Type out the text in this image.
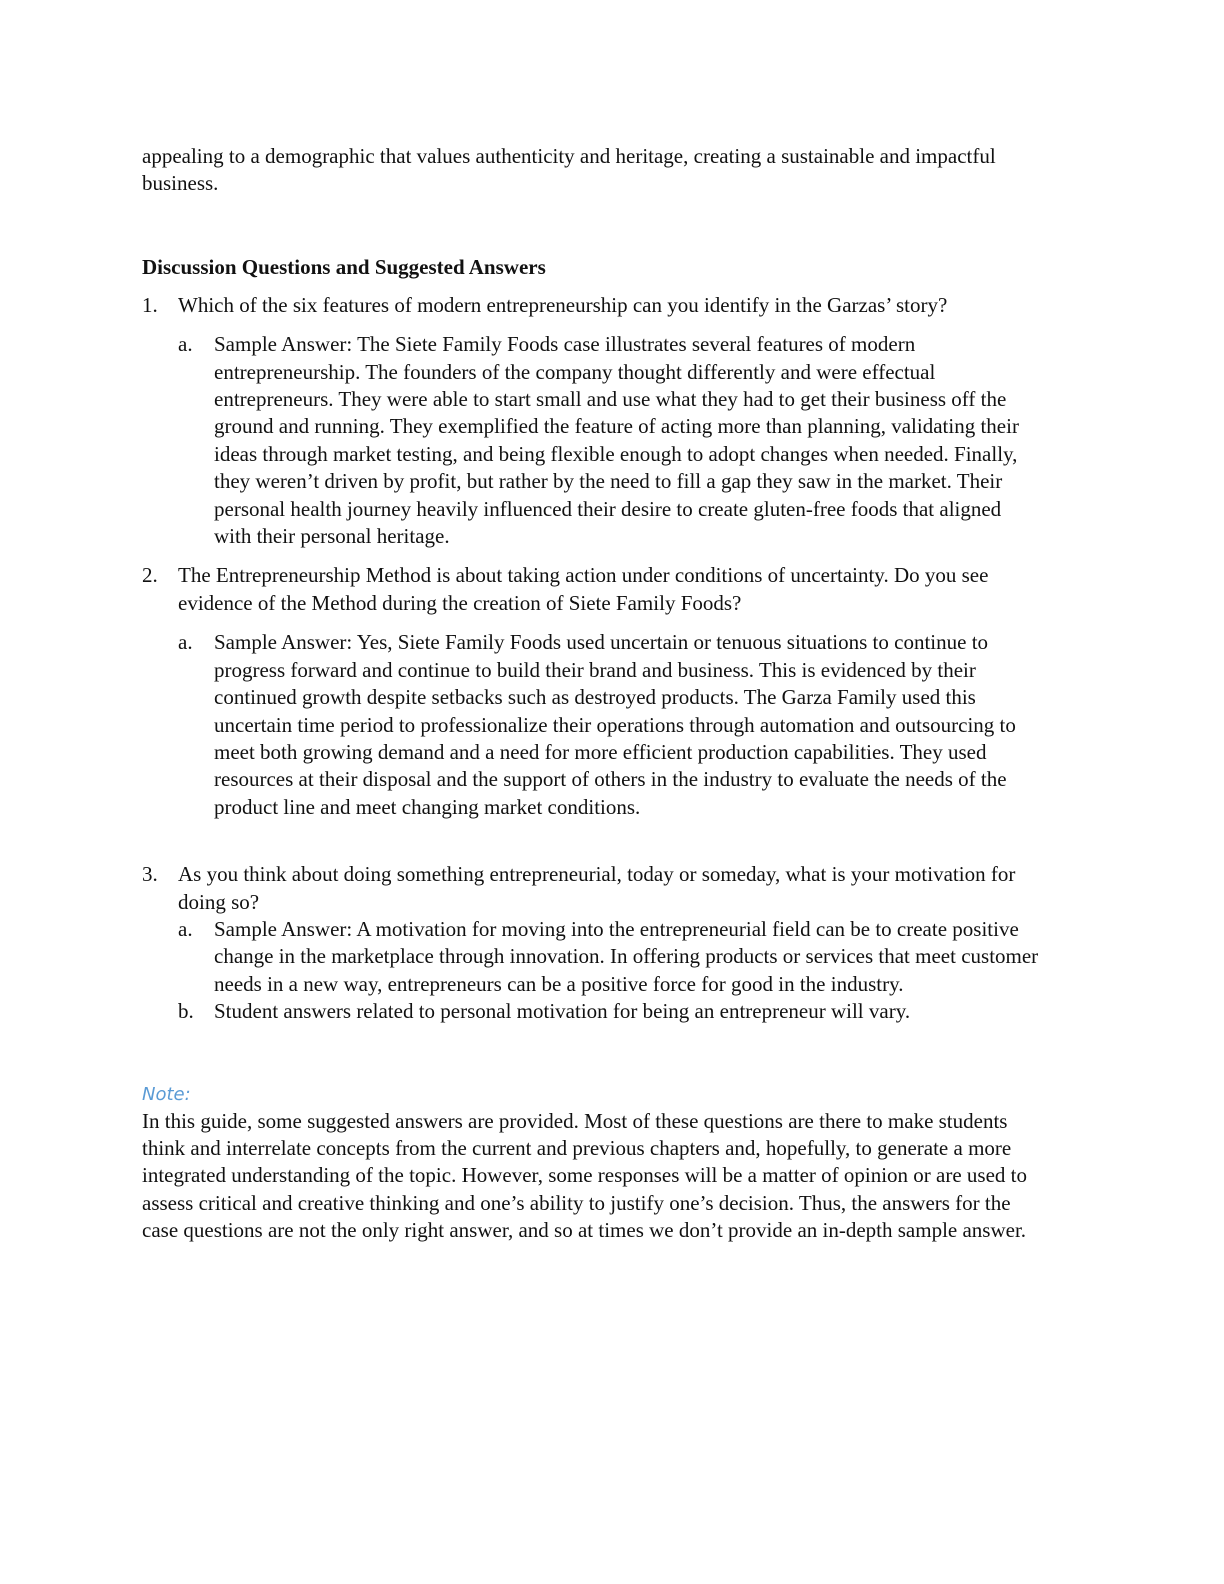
appealing to a demographic that values authenticity and heritage, creating a sustainable and impactful business.

Discussion Questions and Suggested Answers
1. Which of the six features of modern entrepreneurship can you identify in the Garzas’ story?

a.	Sample Answer: The Siete Family Foods case illustrates several features of modern entrepreneurship. The founders of the company thought differently and were effectual entrepreneurs. They were able to start small and use what they had to get their business off the ground and running. They exemplified the feature of acting more than planning, validating their ideas through market testing, and being flexible enough to adopt changes when needed. Finally, they weren’t driven by profit, but rather by the need to fill a gap they saw in the market. Their personal health journey heavily influenced their desire to create gluten-free foods that aligned with their personal heritage.

2. The Entrepreneurship Method is about taking action under conditions of uncertainty. Do you see evidence of the Method during the creation of Siete Family Foods?

a.	Sample Answer: Yes, Siete Family Foods used uncertain or tenuous situations to continue to progress forward and continue to build their brand and business. This is evidenced by their continued growth despite setbacks such as destroyed products. The Garza Family used this uncertain time period to professionalize their operations through automation and outsourcing to meet both growing demand and a need for more efficient production capabilities. They used resources at their disposal and the support of others in the industry to evaluate the needs of the product line and meet changing market conditions.

3. As you think about doing something entrepreneurial, today or someday, what is your motivation for doing so?

a.	Sample Answer: A motivation for moving into the entrepreneurial field can be to create positive change in the marketplace through innovation. In offering products or services that meet customer needs in a new way, entrepreneurs can be a positive force for good in the industry.

b. Student answers related to personal motivation for being an entrepreneur will vary.

Note:

In this guide, some suggested answers are provided. Most of these questions are there to make students think and interrelate concepts from the current and previous chapters and, hopefully, to generate a more integrated understanding of the topic. However, some responses will be a matter of opinion or are used to assess critical and creative thinking and one’s ability to justify one’s decision. Thus, the answers for the case questions are not the only right answer, and so at times we don’t provide an in-depth sample answer.
